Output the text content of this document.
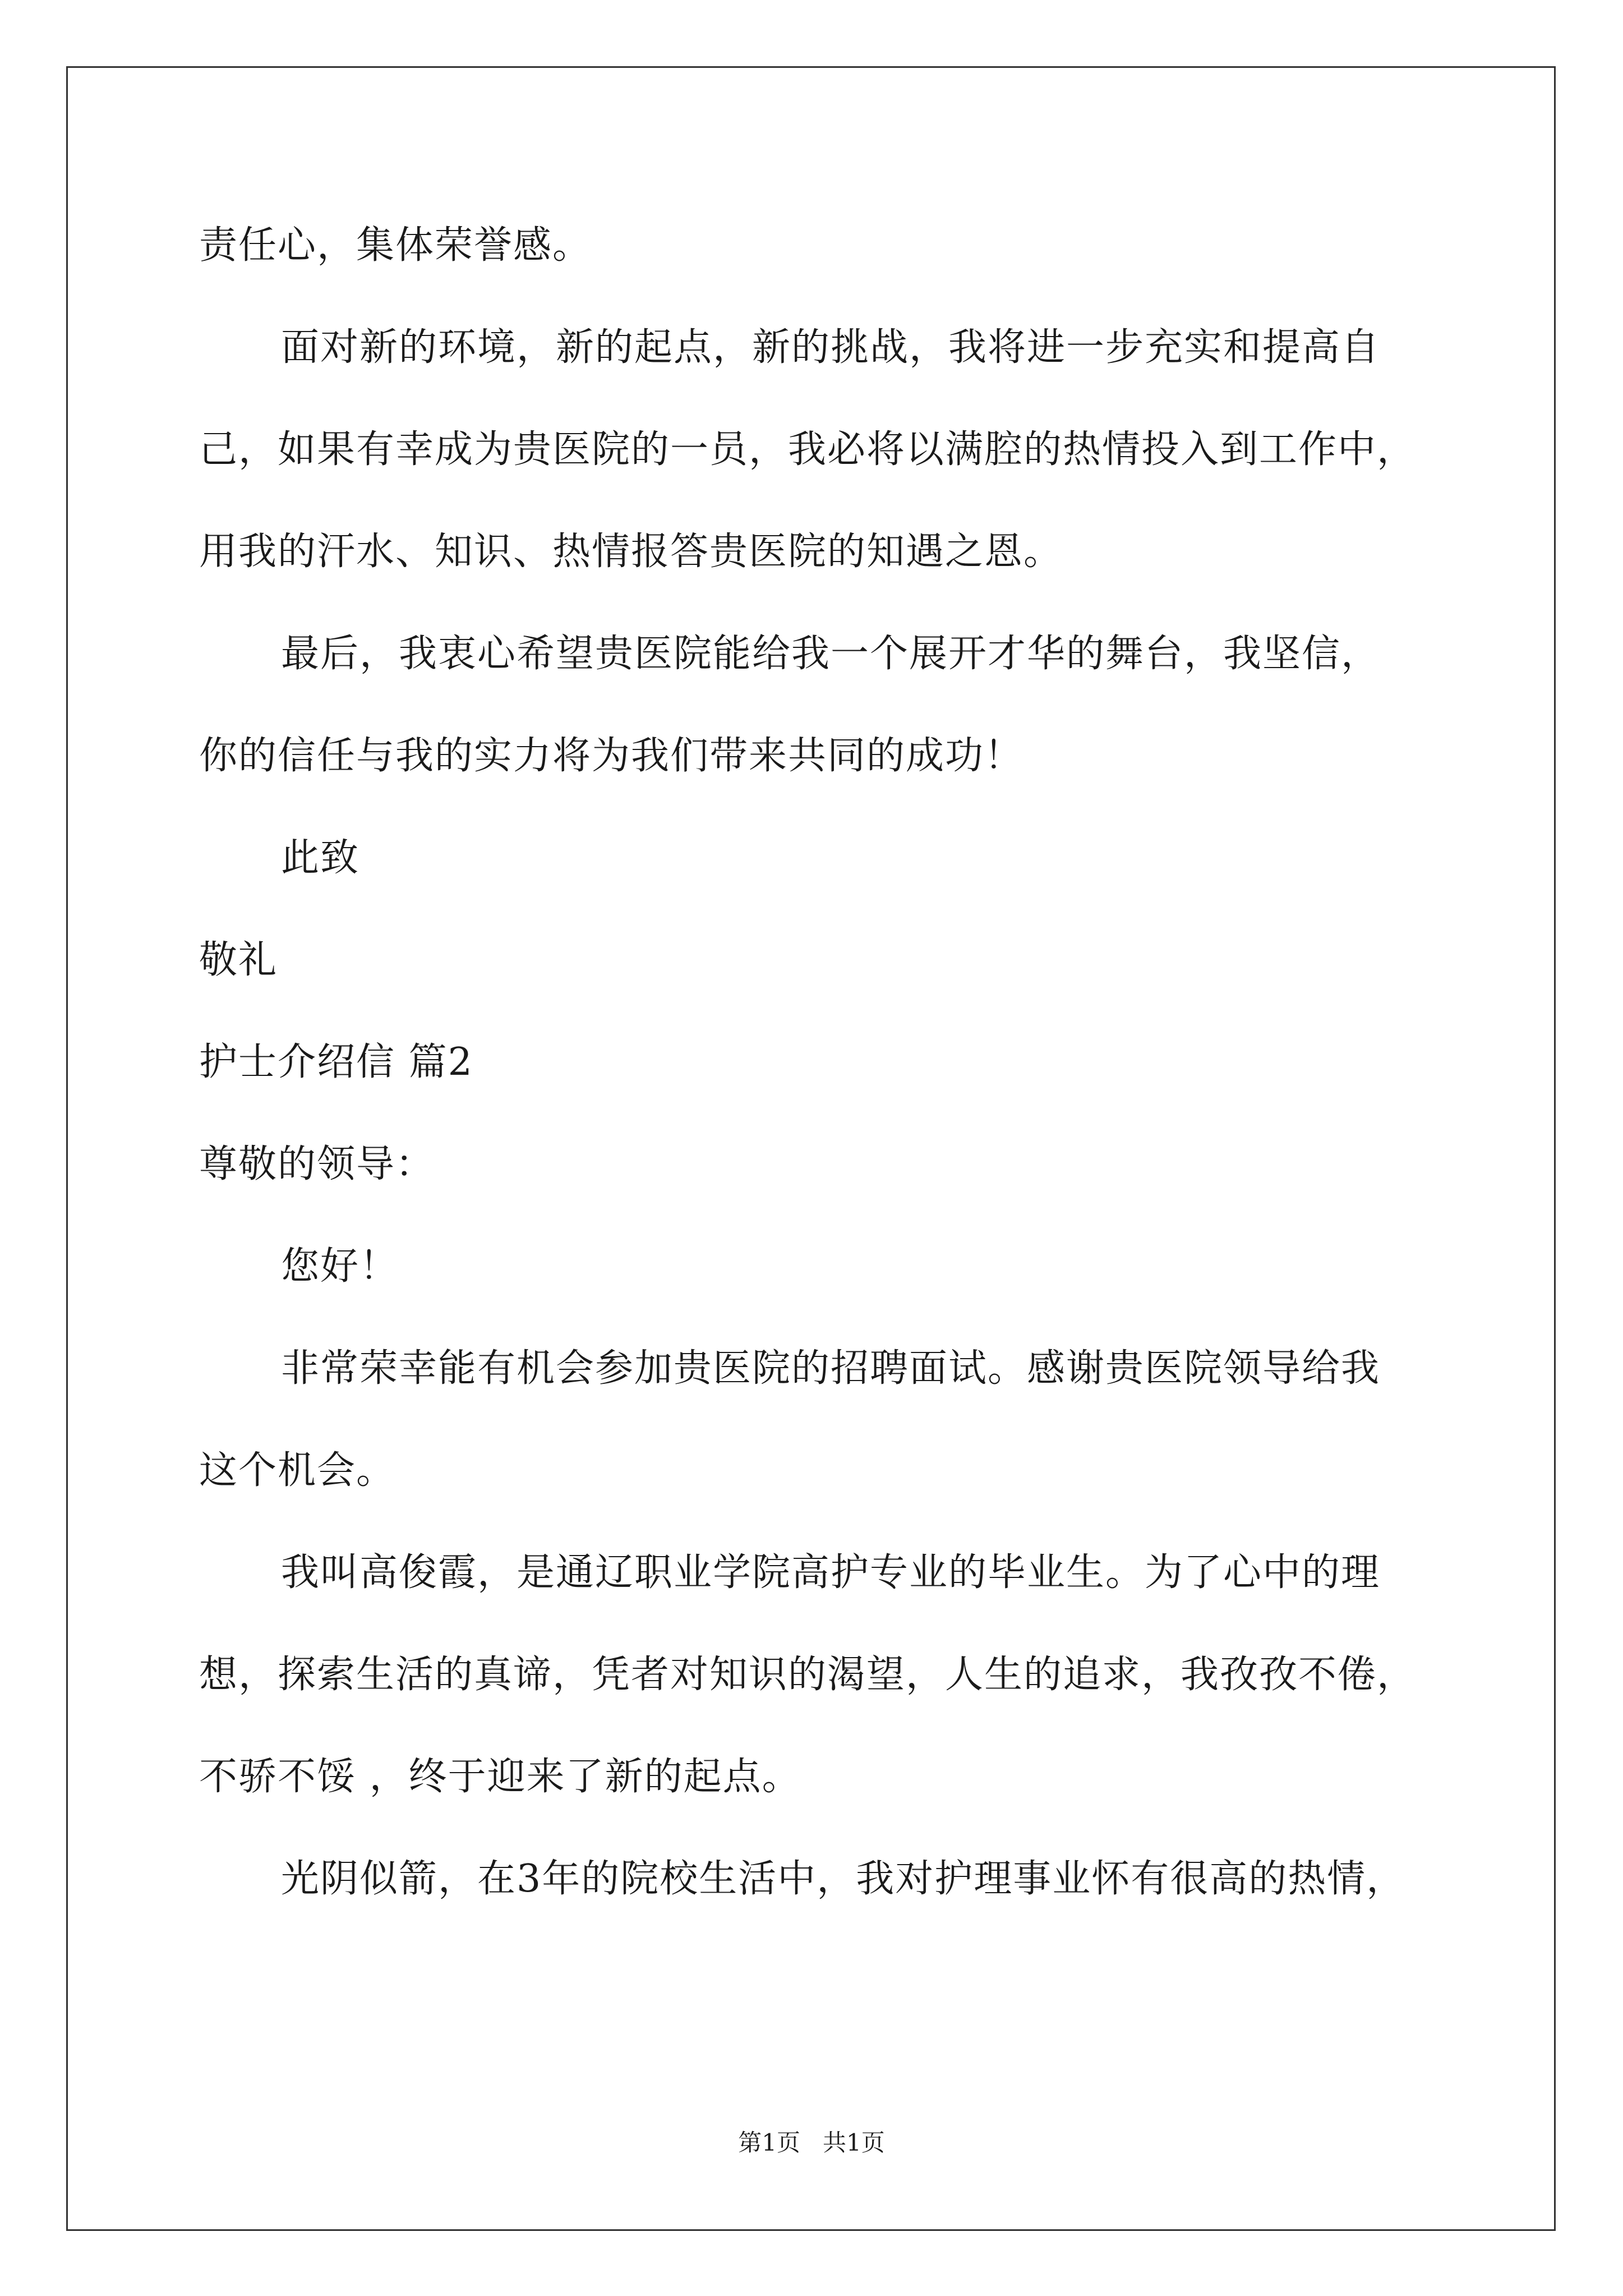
责任心，集体荣誉感。

面对新的环境，新的起点，新的挑战，我将进一步充实和提高自

己，如果有幸成为贵医院的一员，我必将以满腔的热情投入到工作中，

用我的汗水、知识、热情报答贵医院的知遇之恩。

最后，我衷心希望贵医院能给我一个展开才华的舞台，我坚信，

你的信任与我的实力将为我们带来共同的成功！

此致

敬礼

护士介绍信 篇2

尊敬的领导：

您好！

非常荣幸能有机会参加贵医院的招聘面试。感谢贵医院领导给我

这个机会。

我叫高俊霞，是通辽职业学院高护专业的毕业生。为了心中的理

想，探索生活的真谛，凭者对知识的渴望，人生的追求，我孜孜不倦，

不骄不馁 ，终于迎来了新的起点。

光阴似箭，在3年的院校生活中，我对护理事业怀有很高的热情，

第1页   共1页
